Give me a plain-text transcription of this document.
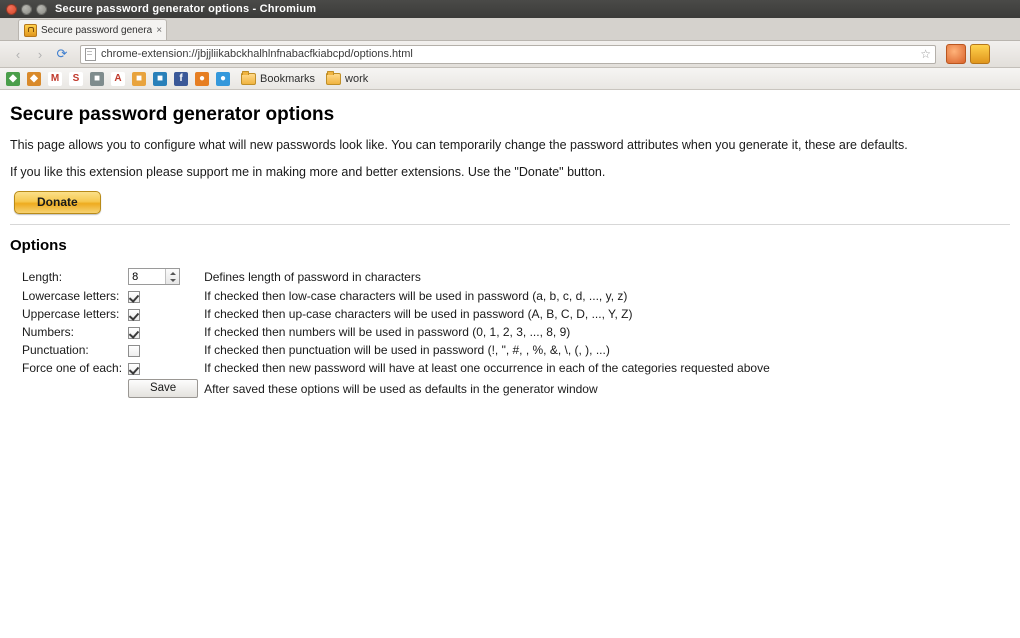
Secure password generator options - Chromium
Secure password genera ×
‹	›	⟳	chrome-extension://jbjjliikabckhalhlnfnabacfkiabcpd/options.html	☆
◆	◆	M	S	■	A	■	■	f	●	●	Bookmarks	work
Secure password generator options

This page allows you to configure what will new passwords look like. You can temporarily change the password attributes when you generate it, these are defaults.

If you like this extension please support me in making more and better extensions. Use the "Donate" button.

Donate
Options
Length:	8	Defines length of password in characters
Lowercase letters:		If checked then low-case characters will be used in password (a, b, c, d, ..., y, z)
Uppercase letters:		If checked then up-case characters will be used in password (A, B, C, D, ..., Y, Z)
Numbers:		If checked then numbers will be used in password (0, 1, 2, 3, ..., 8, 9)
Punctuation:		If checked then punctuation will be used in password (!, ", #, , %, &, \, (, ), ...)
Force one of each:		If checked then new password will have at least one occurrence in each of the categories requested above
	Save	After saved these options will be used as defaults in the generator window
